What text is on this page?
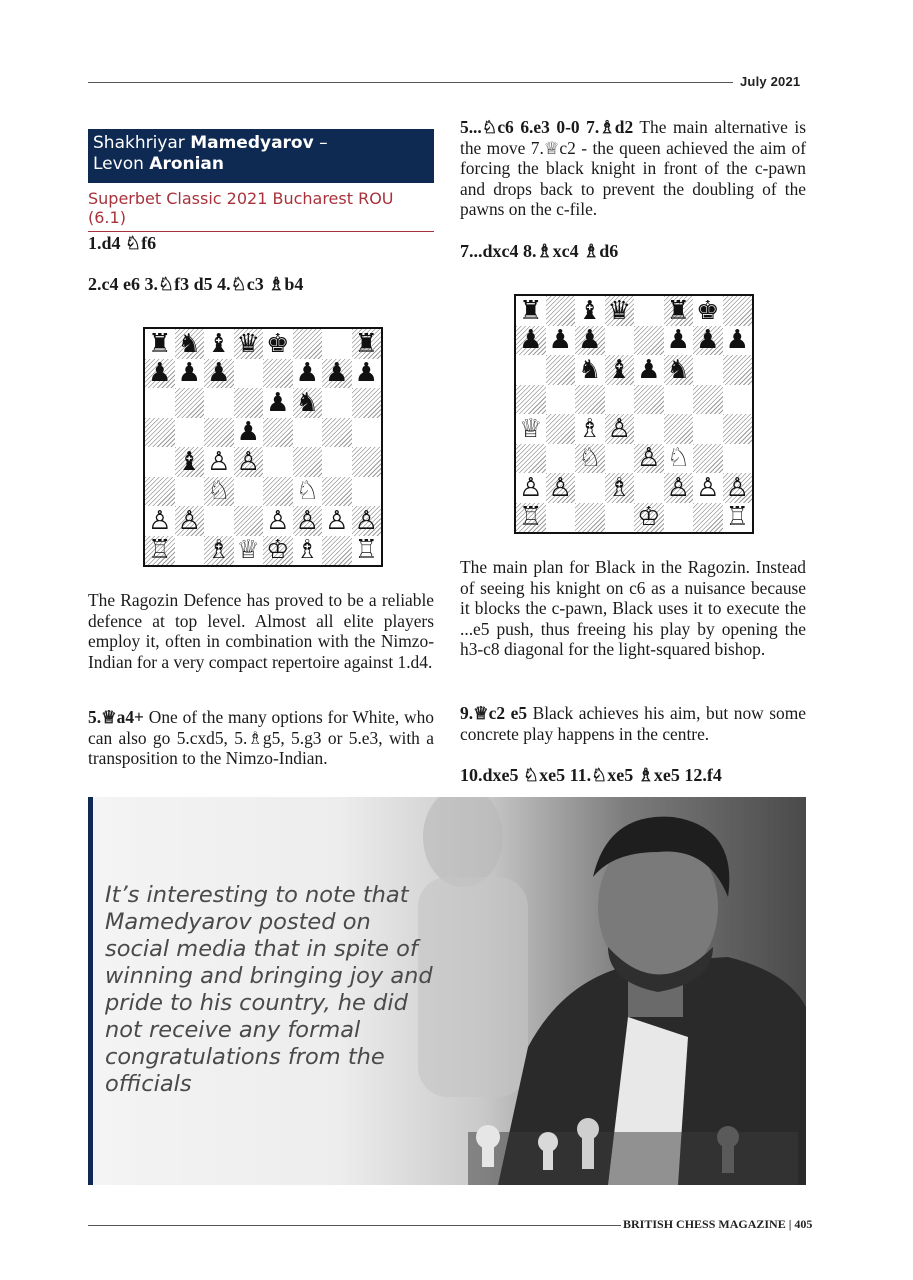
July 2021
Shakhriyar Mamedyarov –
Levon Aronian
Superbet Classic 2021 Bucharest ROU (6.1)
1.d4 ♘f6
2.c4 e6 3.♘f3 d5 4.♘c3 ♗b4
♜ ♞ ♝ ♛ ♚	♜
♟ ♟ ♟	♟ ♟ ♟
♟ ♞
♟
♝ ♙ ♙
♘	♘
♙ ♙	♙ ♙ ♙ ♙
♖ ♗ ♕ ♔ ♗ ♖
The Ragozin Defence has proved to be a reliable defence at top level. Almost all elite players employ it, often in combination with the Nimzo-Indian for a very compact repertoire against 1.d4.
5.♕a4+ One of the many options for White, who can also go 5.cxd5, 5.♗g5, 5.g3 or 5.e3, with a transposition to the Nimzo-Indian.
5...♘c6 6.e3 0-0 7.♗d2 The main alternative is the move 7.♕c2 - the queen achieved the aim of forcing the black knight in front of the c-pawn and drops back to prevent the doubling of the pawns on the c-file.
7...dxc4 8.♗xc4 ♗d6
♜ ♝ ♛ ♜ ♚
♟ ♟ ♟	♟ ♟ ♟
♞ ♝ ♟ ♞
♕ ♗ ♙
♘ ♙ ♘
♙ ♙ ♗ ♙ ♙ ♙
♖	♔	♖
The main plan for Black in the Ragozin. Instead of seeing his knight on c6 as a nuisance because it blocks the c-pawn, Black uses it to execute the ...e5 push, thus freeing his play by opening the h3-c8 diagonal for the light-squared bishop.
9.♕c2 e5 Black achieves his aim, but now some concrete play happens in the centre.
10.dxe5 ♘xe5 11.♘xe5 ♗xe5 12.f4
It’s interesting to note that Mamedyarov posted on social media that in spite of winning and bringing joy and pride to his country, he did not receive any formal congratulations from the officials
BRITISH CHESS MAGAZINE | 405
